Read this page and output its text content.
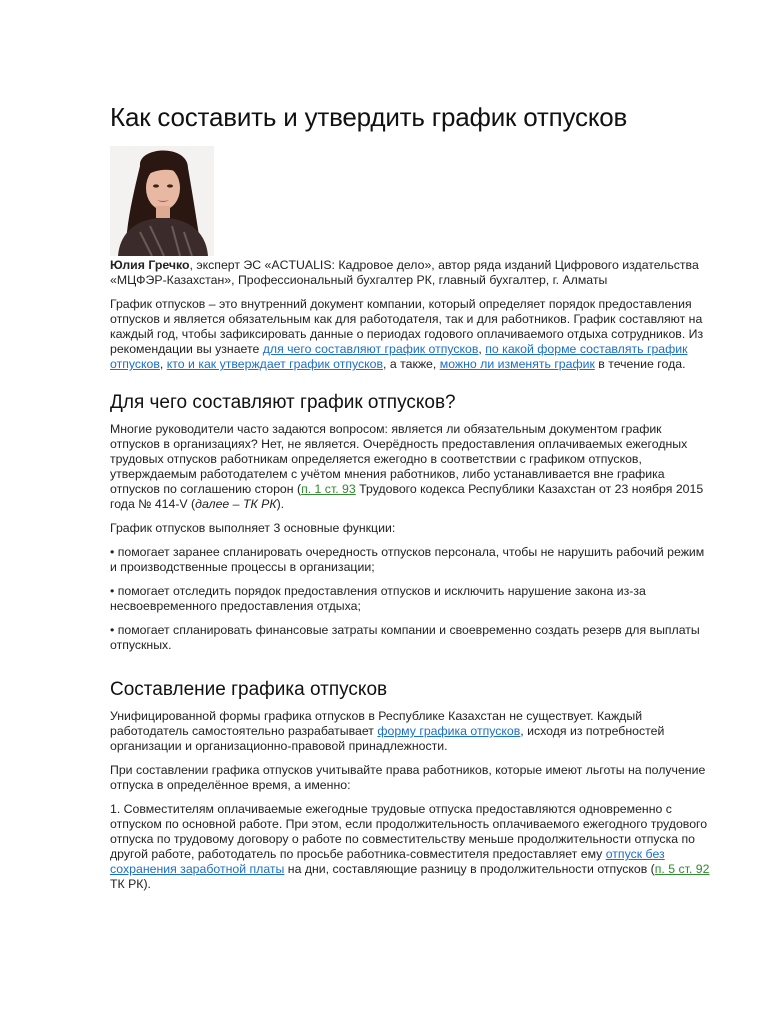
Как составить и утвердить график отпусков

Юлия Гречко, эксперт ЭС «ACTUALIS: Кадровое дело», автор ряда изданий Цифрового издательства «МЦФЭР-Казахстан», Профессиональный бухгалтер РК, главный бухгалтер, г. Алматы

График отпусков – это внутренний документ компании, который определяет порядок предоставления отпусков и является обязательным как для работодателя, так и для работников. График составляют на каждый год, чтобы зафиксировать данные о периодах годового оплачиваемого отдыха сотрудников. Из рекомендации вы узнаете для чего составляют график отпусков, по какой форме составлять график отпусков, кто и как утверждает график отпусков, а также, можно ли изменять график в течение года.

Для чего составляют график отпусков?

Многие руководители часто задаются вопросом: является ли обязательным документом график отпусков в организациях? Нет, не является. Очерёдность предоставления оплачиваемых ежегодных трудовых отпусков работникам определяется ежегодно в соответствии с графиком отпусков, утверждаемым работодателем с учётом мнения работников, либо устанавливается вне графика отпусков по соглашению сторон (п. 1 ст. 93 Трудового кодекса Республики Казахстан от 23 ноября 2015 года № 414-V (далее – ТК РК).

График отпусков выполняет 3 основные функции:

• помогает заранее спланировать очередность отпусков персонала, чтобы не нарушить рабочий режим и производственные процессы в организации;

• помогает отследить порядок предоставления отпусков и исключить нарушение закона из-за несвоевременного предоставления отдыха;

• помогает спланировать финансовые затраты компании и своевременно создать резерв для выплаты отпускных.

Составление графика отпусков

Унифицированной формы графика отпусков в Республике Казахстан не существует. Каждый работодатель самостоятельно разрабатывает форму графика отпусков, исходя из потребностей организации и организационно-правовой принадлежности.

При составлении графика отпусков учитывайте права работников, которые имеют льготы на получение отпуска в определённое время, а именно:

1. Совместителям оплачиваемые ежегодные трудовые отпуска предоставляются одновременно с отпуском по основной работе. При этом, если продолжительность оплачиваемого ежегодного трудового отпуска по трудовому договору о работе по совместительству меньше продолжительности отпуска по другой работе, работодатель по просьбе работника-совместителя предоставляет ему отпуск без сохранения заработной платы на дни, составляющие разницу в продолжительности отпусков (п. 5 ст. 92 ТК РК).
